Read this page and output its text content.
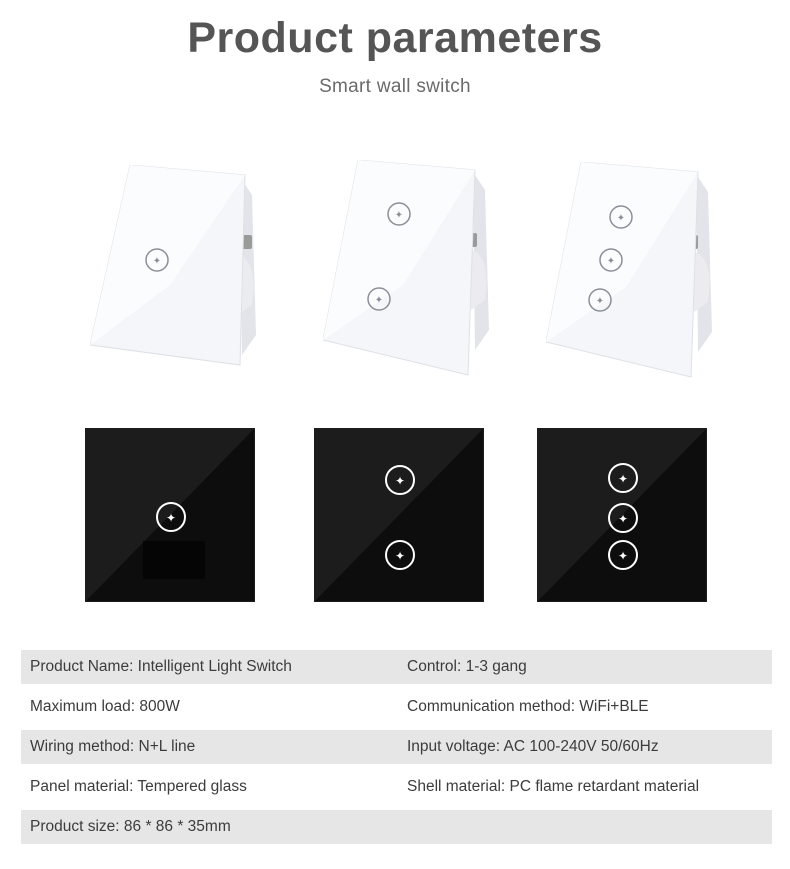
Product parameters
Smart wall switch
✦
✦
✦
✦
✦
✦
✦
✦
✦
✦
✦
✦
Product Name: Intelligent Light Switch	Control: 1-3 gang
Maximum load: 800W	Communication method: WiFi+BLE
Wiring method: N+L line	Input voltage: AC 100-240V 50/60Hz
Panel material: Tempered glass	Shell material: PC flame retardant material
Product size: 86 * 86 * 35mm
